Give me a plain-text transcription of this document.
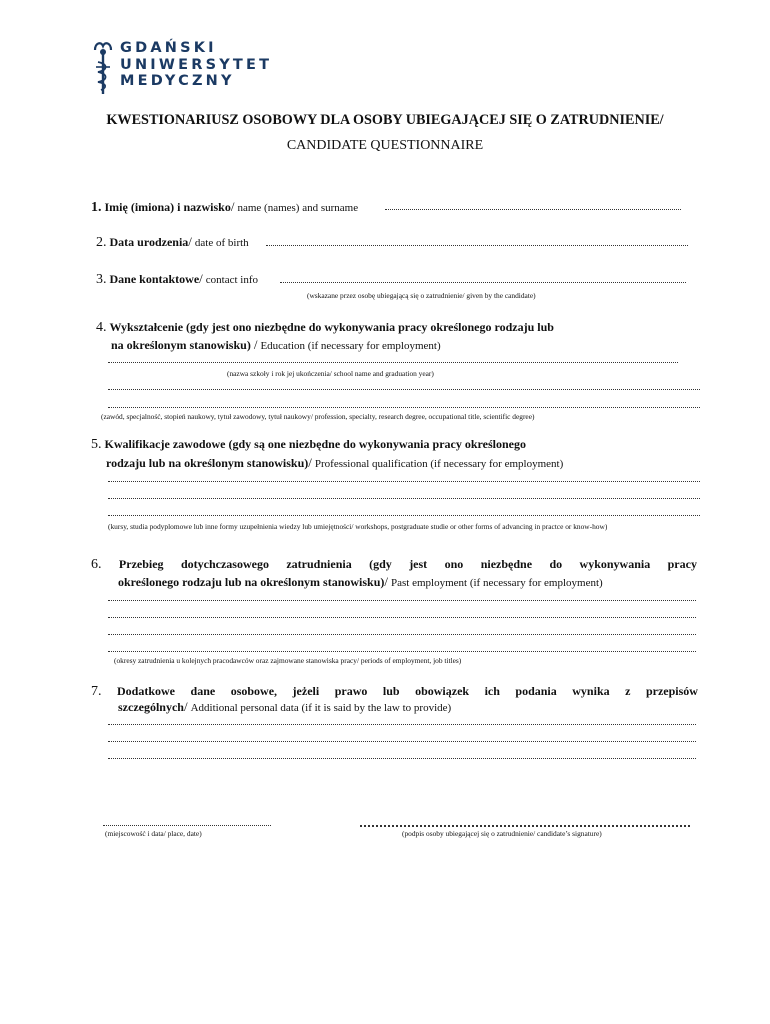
GDAŃSKI
UNIWERSYTET
MEDYCZNY
KWESTIONARIUSZ OSOBOWY DLA OSOBY UBIEGAJĄCEJ SIĘ O ZATRUDNIENIE/
CANDIDATE QUESTIONNAIRE
1. Imię (imiona) i nazwisko/ name (names) and surname
2. Data urodzenia/ date of birth
3. Dane kontaktowe/ contact info
(wskazane przez osobę ubiegającą się o zatrudnienie/ given by the candidate)
4. Wykształcenie (gdy jest ono niezbędne do wykonywania pracy określonego rodzaju lub
na określonym stanowisku) / Education (if necessary for employment)
(nazwa szkoły i rok jej ukończenia/ school name and graduation year)
(zawód, specjalność, stopień naukowy, tytuł zawodowy, tytuł naukowy/ profession, specialty, research degree, occupational title, scientific degree)
5. Kwalifikacje zawodowe (gdy są one niezbędne do wykonywania pracy określonego
rodzaju lub na określonym stanowisku)/ Professional qualification (if necessary for employment)
(kursy, studia podyplomowe lub inne formy uzupełnienia wiedzy lub umiejętności/ workshops, postgraduate studie or other forms of advancing in practce or know-how)
6. Przebieg dotychczasowego zatrudnienia (gdy jest ono niezbędne do wykonywania pracy
określonego rodzaju lub na określonym stanowisku)/ Past employment (if necessary for employment)
(okresy zatrudnienia u kolejnych pracodawców oraz zajmowane stanowiska pracy/ periods of employment, job titles)
7. Dodatkowe dane osobowe, jeżeli prawo lub obowiązek ich podania wynika z przepisów
szczególnych/ Additional personal data (if it is said by the law to provide)
(miejscowość i data/ place, date)	(podpis osoby ubiegającej się o zatrudnienie/ candidate’s signature)
